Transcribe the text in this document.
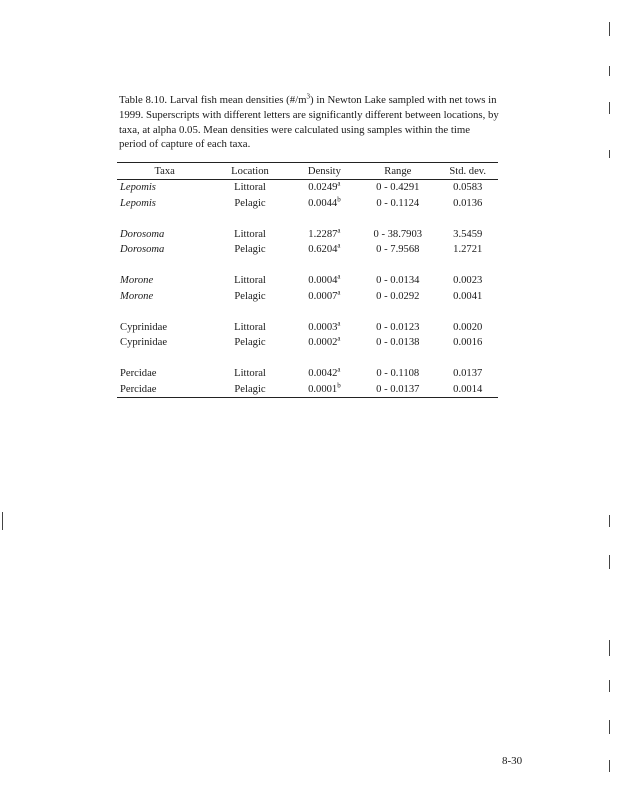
Table 8.10. Larval fish mean densities $(\#/m^3)$ in Newton Lake sampled with net tows in 1999. Superscripts with different letters are significantly different between locations, by taxa, at alpha 0.05. Mean densities were calculated using samples within the time period of capture of each taxa.
Taxa	Location	Density	Range	Std. dev.
Lepomis	Littoral	0.0249$^a$	0 - 0.4291	0.0583
Lepomis	Pelagic	0.0044$^b$	0 - 0.1124	0.0136

Dorosoma	Littoral	1.2287$^a$	0 - 38.7903	3.5459
Dorosoma	Pelagic	0.6204$^a$	0 - 7.9568	1.2721

Morone	Littoral	0.0004$^a$	0 - 0.0134	0.0023
Morone	Pelagic	0.0007$^a$	0 - 0.0292	0.0041

Cyprinidae	Littoral	0.0003$^a$	0 - 0.0123	0.0020
Cyprinidae	Pelagic	0.0002$^a$	0 - 0.0138	0.0016

Percidae	Littoral	0.0042$^a$	0 - 0.1108	0.0137
Percidae	Pelagic	0.0001$^b$	0 - 0.0137	0.0014
8-30
